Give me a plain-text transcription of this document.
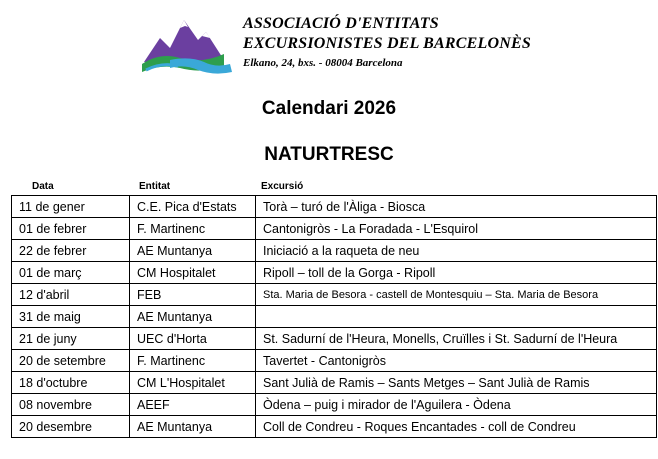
ASSOCIACIÓ D'ENTITATS
EXCURSIONISTES DEL BARCELONÈS
Elkano, 24, bxs. - 08004 Barcelona
Calendari 2026
NATURTRESC
Data	Entitat	Excursió
11 de gener	C.E. Pica d'Estats	Torà – turó de l'Àliga - Biosca
01 de febrer	F. Martinenc	Cantonigròs - La Foradada - L'Esquirol
22 de febrer	AE Muntanya	Iniciació a la raqueta de neu
01 de març	CM Hospitalet	Ripoll – toll de la Gorga - Ripoll
12 d'abril	FEB	Sta. Maria de Besora - castell de Montesquiu – Sta. Maria de Besora
31 de maig	AE Muntanya	
21 de juny	UEC d'Horta	St. Sadurní de l'Heura, Monells, Cruïlles i St. Sadurní de l'Heura
20 de setembre	F. Martinenc	Tavertet - Cantonigròs
18 d'octubre	CM L'Hospitalet	Sant Julià de Ramis – Sants Metges – Sant Julià de Ramis
08 novembre	AEEF	Òdena – puig i mirador de l'Aguilera - Òdena
20 desembre	AE Muntanya	Coll de Condreu - Roques Encantades - coll de Condreu
